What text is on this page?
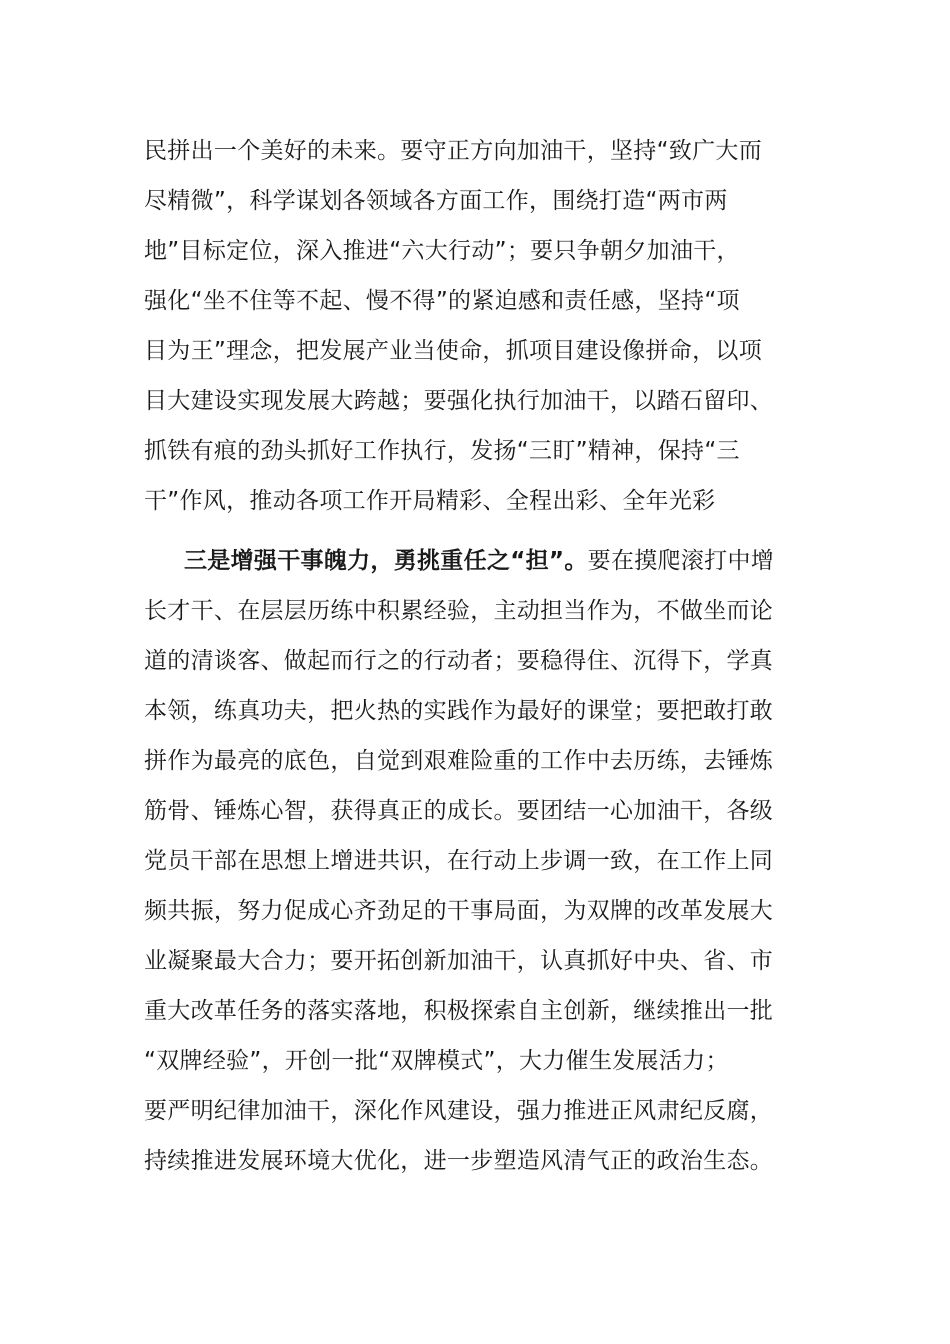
民拼出一个美好的未来。要守正方向加油干，坚持“致广大而
尽精微”，科学谋划各领域各方面工作，围绕打造“两市两
地”目标定位，深入推进“六大行动”；要只争朝夕加油干，
强化“坐不住等不起、慢不得”的紧迫感和责任感，坚持“项
目为王”理念，把发展产业当使命，抓项目建设像拼命，以项
目大建设实现发展大跨越；要强化执行加油干，以踏石留印、
抓铁有痕的劲头抓好工作执行，发扬“三盯”精神，保持“三
干”作风，推动各项工作开局精彩、全程出彩、全年光彩
三是增强干事魄力，勇挑重任之“担”。要在摸爬滚打中增
长才干、在层层历练中积累经验，主动担当作为，不做坐而论
道的清谈客、做起而行之的行动者；要稳得住、沉得下，学真
本领，练真功夫，把火热的实践作为最好的课堂；要把敢打敢
拼作为最亮的底色，自觉到艰难险重的工作中去历练，去锤炼
筋骨、锤炼心智，获得真正的成长。要团结一心加油干，各级
党员干部在思想上增进共识，在行动上步调一致，在工作上同
频共振，努力促成心齐劲足的干事局面，为双牌的改革发展大
业凝聚最大合力；要开拓创新加油干，认真抓好中央、省、市
重大改革任务的落实落地，积极探索自主创新，继续推出一批
“双牌经验”，开创一批“双牌模式”，大力催生发展活力；
要严明纪律加油干，深化作风建设，强力推进正风肃纪反腐，
持续推进发展环境大优化，进一步塑造风清气正的政治生态。
